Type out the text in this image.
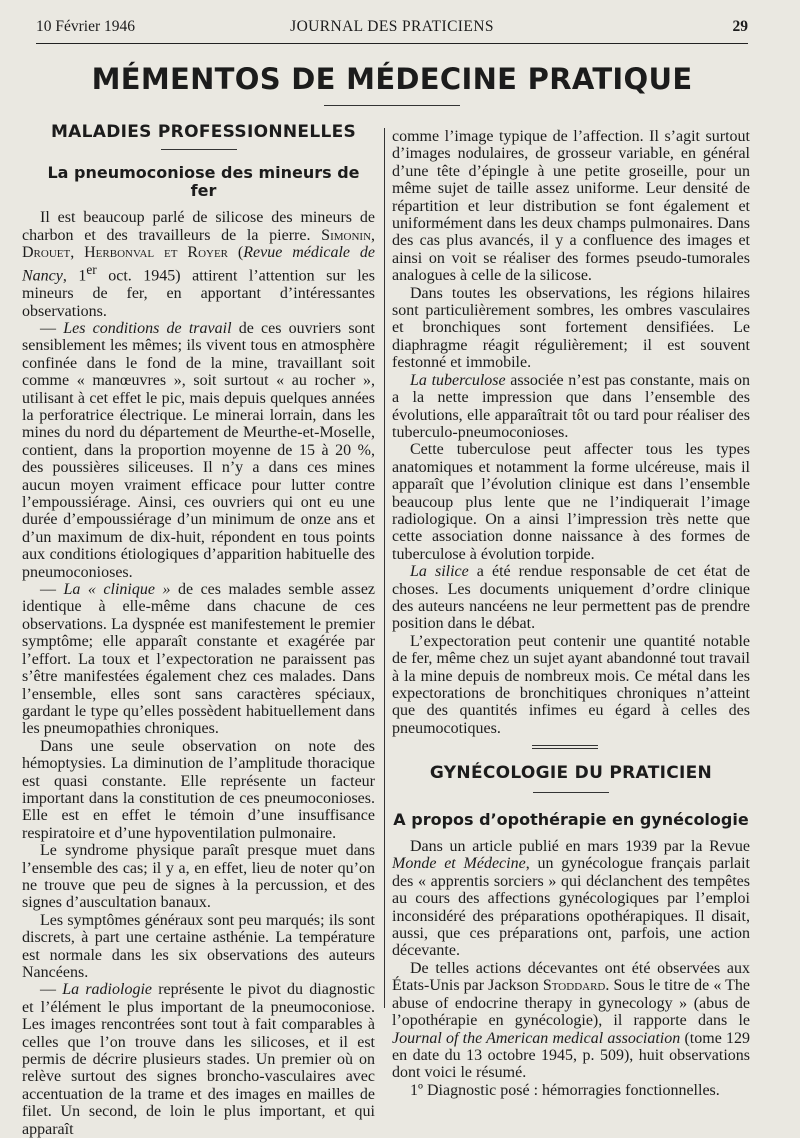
10 Février 1946	JOURNAL DES PRATICIENS	29
MÉMENTOS DE MÉDECINE PRATIQUE
MALADIES PROFESSIONNELLES
La pneumoconiose des mineurs de fer

Il est beaucoup parlé de silicose des mineurs de charbon et des travailleurs de la pierre. Simonin, Drouet, Herbonval et Royer (Revue médicale de Nancy, 1er oct. 1945) attirent l’attention sur les mineurs de fer, en apportant d’intéressantes observations.

— Les conditions de travail de ces ouvriers sont sensiblement les mêmes; ils vivent tous en atmosphère confinée dans le fond de la mine, travaillant soit comme « manœuvres », soit surtout « au rocher », utilisant à cet effet le pic, mais depuis quelques années la perforatrice électrique. Le minerai lorrain, dans les mines du nord du département de Meurthe-et-Moselle, contient, dans la proportion moyenne de 15 à 20 %, des poussières siliceuses. Il n’y a dans ces mines aucun moyen vraiment efficace pour lutter contre l’empoussiérage. Ainsi, ces ouvriers qui ont eu une durée d’empoussiérage d’un minimum de onze ans et d’un maximum de dix-huit, répondent en tous points aux conditions étiologiques d’apparition habituelle des pneumoconioses.

— La « clinique » de ces malades semble assez identique à elle-même dans chacune de ces observations. La dyspnée est manifestement le premier symptôme; elle apparaît constante et exagérée par l’effort. La toux et l’expectoration ne paraissent pas s’être manifestées également chez ces malades. Dans l’ensemble, elles sont sans caractères spéciaux, gardant le type qu’elles possèdent habituellement dans les pneumopathies chroniques.

Dans une seule observation on note des hémoptysies. La diminution de l’amplitude thoracique est quasi constante. Elle représente un facteur important dans la constitution de ces pneumoconioses. Elle est en effet le témoin d’une insuffisance respiratoire et d’une hypoventilation pulmonaire.

Le syndrome physique paraît presque muet dans l’ensemble des cas; il y a, en effet, lieu de noter qu’on ne trouve que peu de signes à la percussion, et des signes d’auscultation banaux.

Les symptômes généraux sont peu marqués; ils sont discrets, à part une certaine asthénie. La température est normale dans les six observations des auteurs Nancéens.

— La radiologie représente le pivot du diagnostic et l’élément le plus important de la pneumoconiose. Les images rencontrées sont tout à fait comparables à celles que l’on trouve dans les silicoses, et il est permis de décrire plusieurs stades. Un premier où on relève surtout des signes broncho-vasculaires avec accentuation de la trame et des images en mailles de filet. Un second, de loin le plus important, et qui apparaît

comme l’image typique de l’affection. Il s’agit surtout d’images nodulaires, de grosseur variable, en général d’une tête d’épingle à une petite groseille, pour un même sujet de taille assez uniforme. Leur densité de répartition et leur distribution se font également et uniformément dans les deux champs pulmonaires. Dans des cas plus avancés, il y a confluence des images et ainsi on voit se réaliser des formes pseudo-tumorales analogues à celle de la silicose.

Dans toutes les observations, les régions hilaires sont particulièrement sombres, les ombres vasculaires et bronchiques sont fortement densifiées. Le diaphragme réagit régulièrement; il est souvent festonné et immobile.

La tuberculose associée n’est pas constante, mais on a la nette impression que dans l’ensemble des évolutions, elle apparaîtrait tôt ou tard pour réaliser des tuberculo-pneumoconioses.

Cette tuberculose peut affecter tous les types anatomiques et notamment la forme ulcéreuse, mais il apparaît que l’évolution clinique est dans l’ensemble beaucoup plus lente que ne l’indiquerait l’image radiologique. On a ainsi l’impression très nette que cette association donne naissance à des formes de tuberculose à évolution torpide.

La silice a été rendue responsable de cet état de choses. Les documents uniquement d’ordre clinique des auteurs nancéens ne leur permettent pas de prendre position dans le débat.

L’expectoration peut contenir une quantité notable de fer, même chez un sujet ayant abandonné tout travail à la mine depuis de nombreux mois. Ce métal dans les expectorations de bronchitiques chroniques n’atteint que des quantités infimes eu égard à celles des pneumocotiques.

GYNÉCOLOGIE DU PRATICIEN
A propos d’opothérapie en gynécologie

Dans un article publié en mars 1939 par la Revue Monde et Médecine, un gynécologue français parlait des « apprentis sorciers » qui déclanchent des tempêtes au cours des affections gynécologiques par l’emploi inconsidéré des préparations opothérapiques. Il disait, aussi, que ces préparations ont, parfois, une action décevante.

De telles actions décevantes ont été observées aux États-Unis par Jackson Stoddard. Sous le titre de « The abuse of endocrine therapy in gynecology » (abus de l’opothérapie en gynécologie), il rapporte dans le Journal of the American medical association (tome 129 en date du 13 octobre 1945, p. 509), huit observations dont voici le résumé.

1º Diagnostic posé : hémorragies fonctionnelles.
